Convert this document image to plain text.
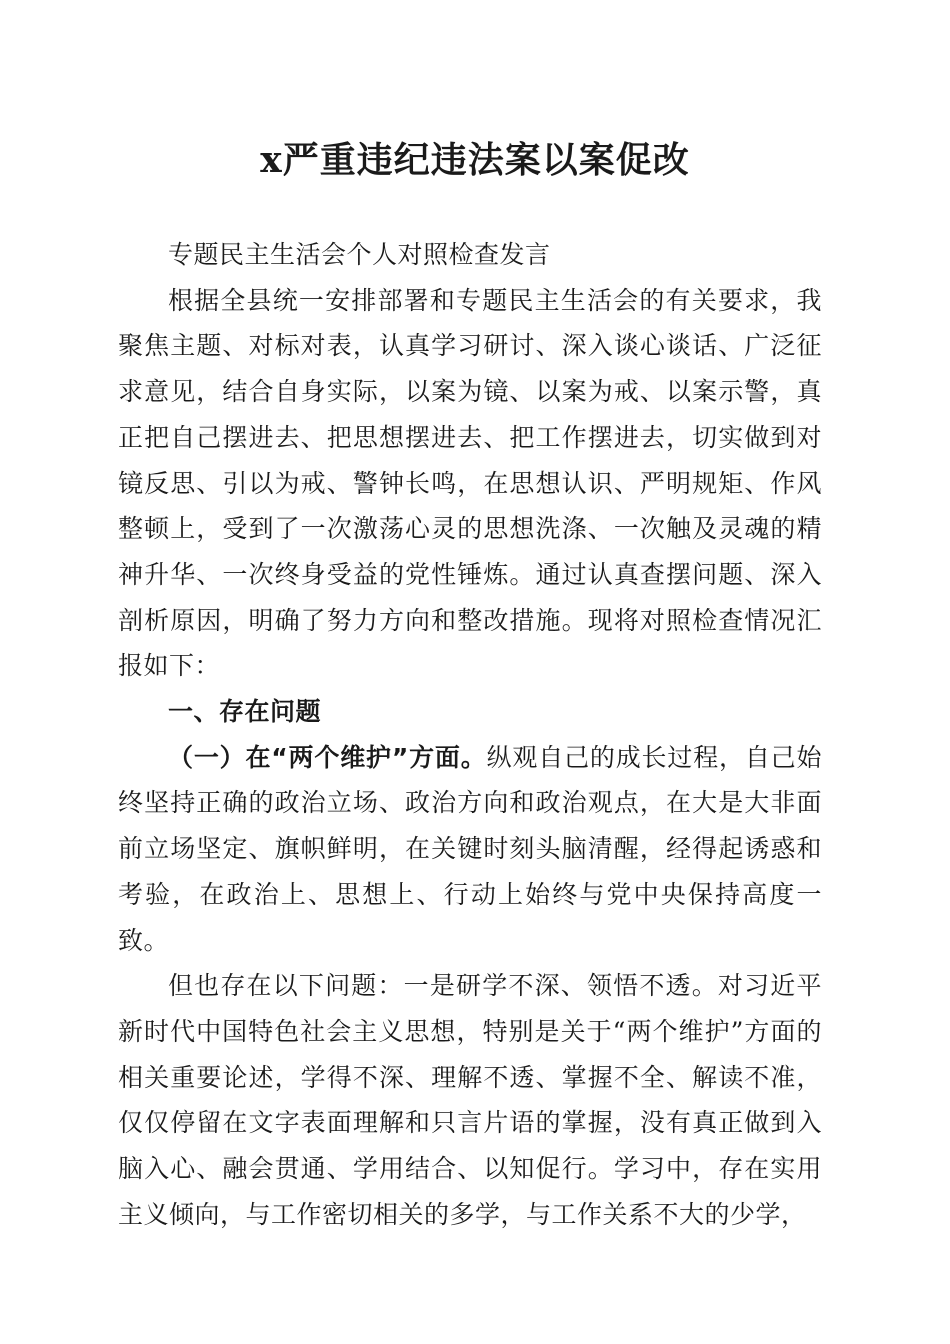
x严重违纪违法案以案促改

专题民主生活会个人对照检查发言

根据全县统一安排部署和专题民主生活会的有关要求，我聚焦主题、对标对表，认真学习研讨、深入谈心谈话、广泛征求意见，结合自身实际，以案为镜、以案为戒、以案示警，真正把自己摆进去、把思想摆进去、把工作摆进去，切实做到对镜反思、引以为戒、警钟长鸣，在思想认识、严明规矩、作风整顿上，受到了一次激荡心灵的思想洗涤、一次触及灵魂的精神升华、一次终身受益的党性锤炼。通过认真查摆问题、深入剖析原因，明确了努力方向和整改措施。现将对照检查情况汇报如下：

一、存在问题

（一）在“两个维护”方面。纵观自己的成长过程，自己始终坚持正确的政治立场、政治方向和政治观点，在大是大非面前立场坚定、旗帜鲜明，在关键时刻头脑清醒，经得起诱惑和考验，在政治上、思想上、行动上始终与党中央保持高度一致。

但也存在以下问题：一是研学不深、领悟不透。对习近平新时代中国特色社会主义思想，特别是关于“两个维护”方面的相关重要论述，学得不深、理解不透、掌握不全、解读不准，仅仅停留在文字表面理解和只言片语的掌握，没有真正做到入脑入心、融会贯通、学用结合、以知促行。学习中，存在实用主义倾向，与工作密切相关的多学，与工作关系不大的少学，
